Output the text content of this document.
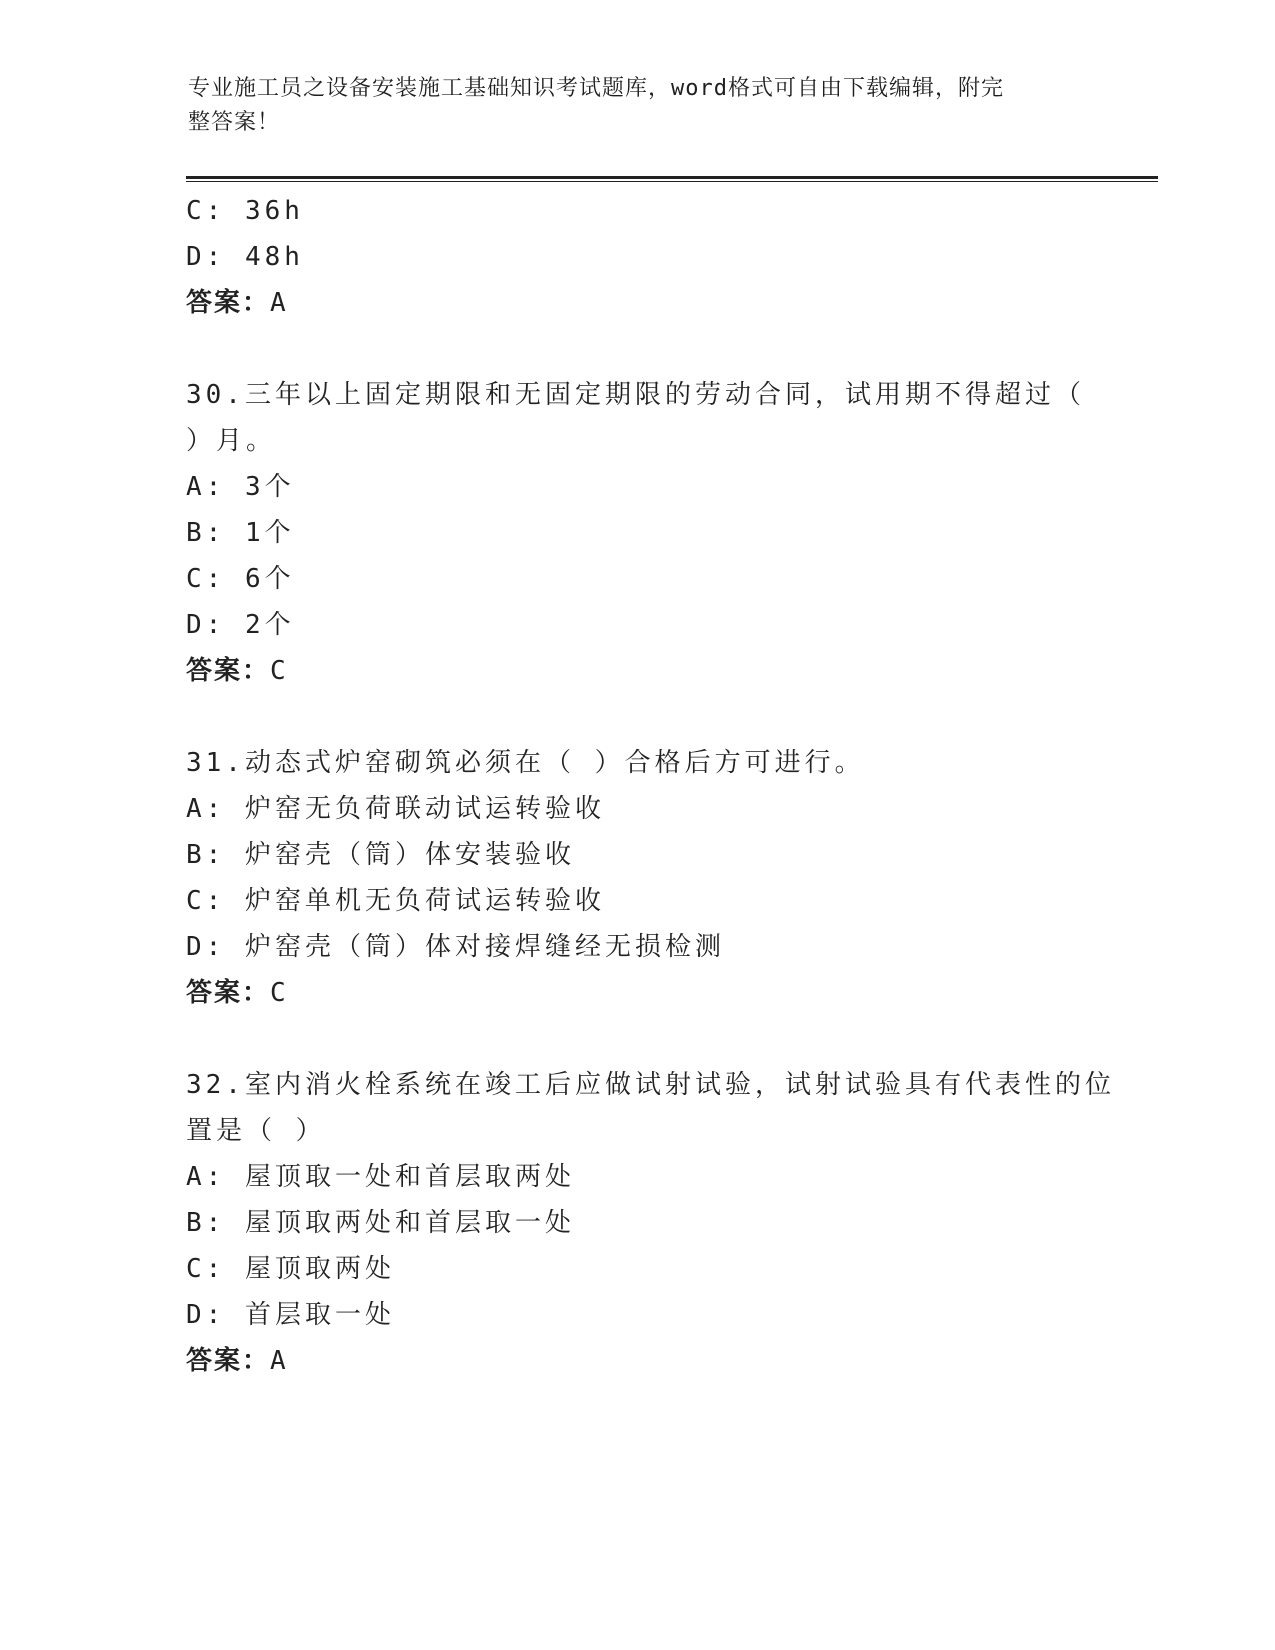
专业施工员之设备安装施工基础知识考试题库，word格式可自由下载编辑，附完
整答案！
C: 36h
D: 48h
答案：A
30.三年以上固定期限和无固定期限的劳动合同，试用期不得超过（
）月。
A: 3个
B: 1个
C: 6个
D: 2个
答案：C
31.动态式炉窑砌筑必须在（ ）合格后方可进行。
A: 炉窑无负荷联动试运转验收
B: 炉窑壳（筒）体安装验收
C: 炉窑单机无负荷试运转验收
D: 炉窑壳（筒）体对接焊缝经无损检测
答案：C
32.室内消火栓系统在竣工后应做试射试验，试射试验具有代表性的位
置是（ ）
A: 屋顶取一处和首层取两处
B: 屋顶取两处和首层取一处
C: 屋顶取两处
D: 首层取一处
答案：A
